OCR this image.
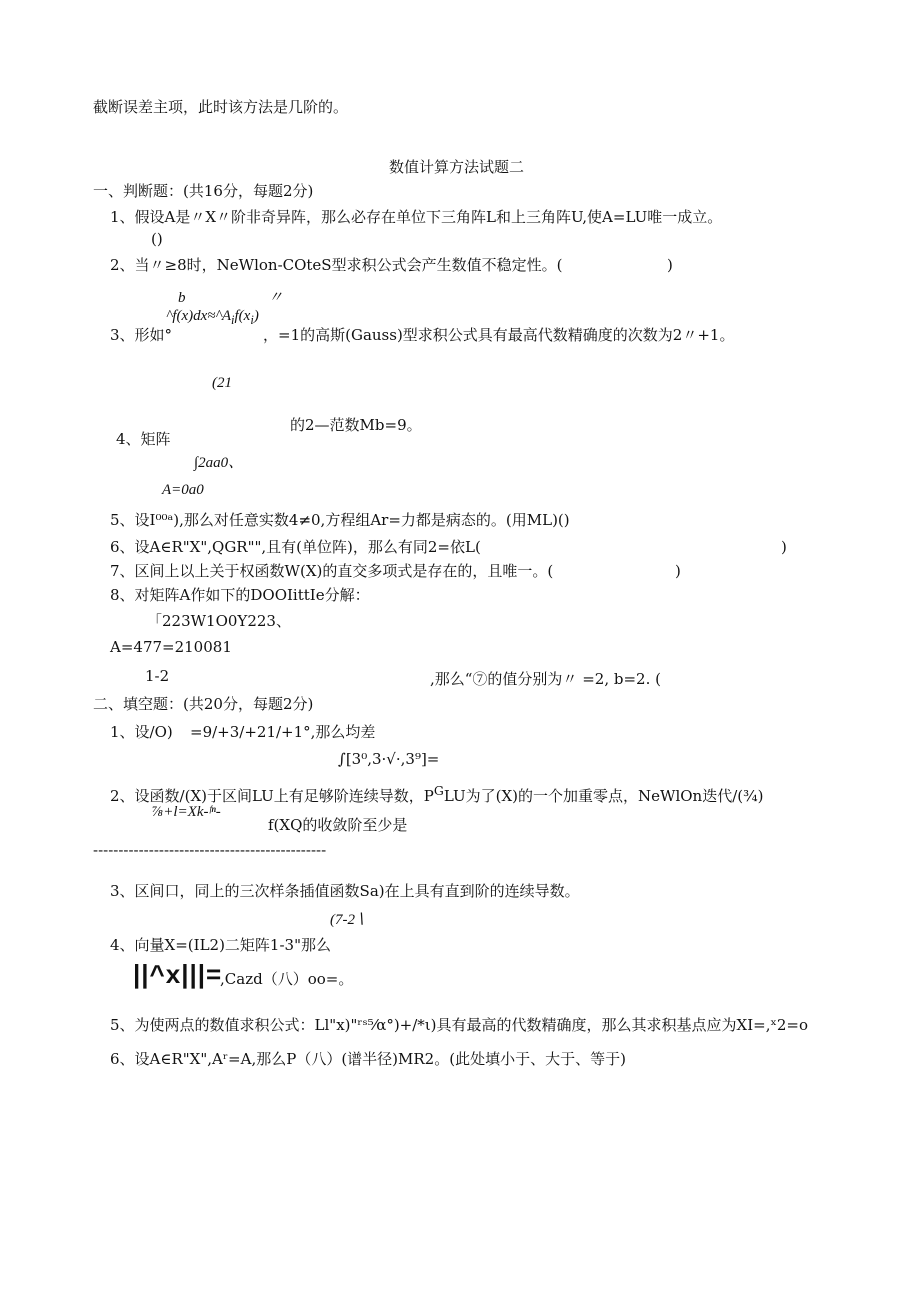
截断误差主项，此时该方法是几阶的。
数值计算方法试题二
一、判断题：(共16分，每题2分)
1、假设A是〃X〃阶非奇异阵，那么必存在单位下三角阵L和上三角阵U,使A=LU唯一成立。
()
2、当〃≥8时，NeWlon-COteS型求积公式会产生数值不稳定性。(	)
b	〃
$\^{}f(x)dx\approx\^{}A_if(x_i)$
3、形如°	，=1的高斯(Gauss)型求积公式具有最高代数精确度的次数为2〃+1。
(21
的2—范数Mb=9。
4、矩阵
∫2aa0、
A=0a0
5、设I⁰⁰ᵃ),那么对任意实数4≠0,方程组Ar=力都是病态的。(用ML)()
6、设A∈R"X",QGR"",且有(单位阵)，那么有同2=依L(	)
7、区间上以上关于权函数W(X)的直交多项式是存在的，且唯一。(	)
8、对矩阵A作如下的DOOIittIe分解：
「223W1O0Y223、
A=477=210081
1-2	,那么“⑦的值分别为〃 =2, b=2. (
二、填空题：(共20分，每题2分)
1、设/O) =9/+3/+21/+1°,那么均差
∫[3⁰,3·√·,3⁹]=
2、设函数/(X)于区间LU上有足够阶连续导数，$P^GLU$为了(X)的一个加重零点，NeWlOn迭代/(¾)
⅞+l=Xk-ᶠⁿ-
f(XQ的收敛阶至少是
----------------------------------------------
3、区间口，同上的三次样条插值函数Sa)在上具有直到阶的连续导数。
(7-2∖
4、向量X=(IL2)二矩阵1-3"那么
||^x|||=
,Cazd（八）oo=。
5、为使两点的数值求积公式：Ll"x)"ʳˢ⁵⁄α°)+/*ι)具有最高的代数精确度，那么其求积基点应为XI=,ˣ2=o
6、设A∈R"X",Aʳ=A,那么P（八）(谱半径)MR2。(此处填小于、大于、等于)
